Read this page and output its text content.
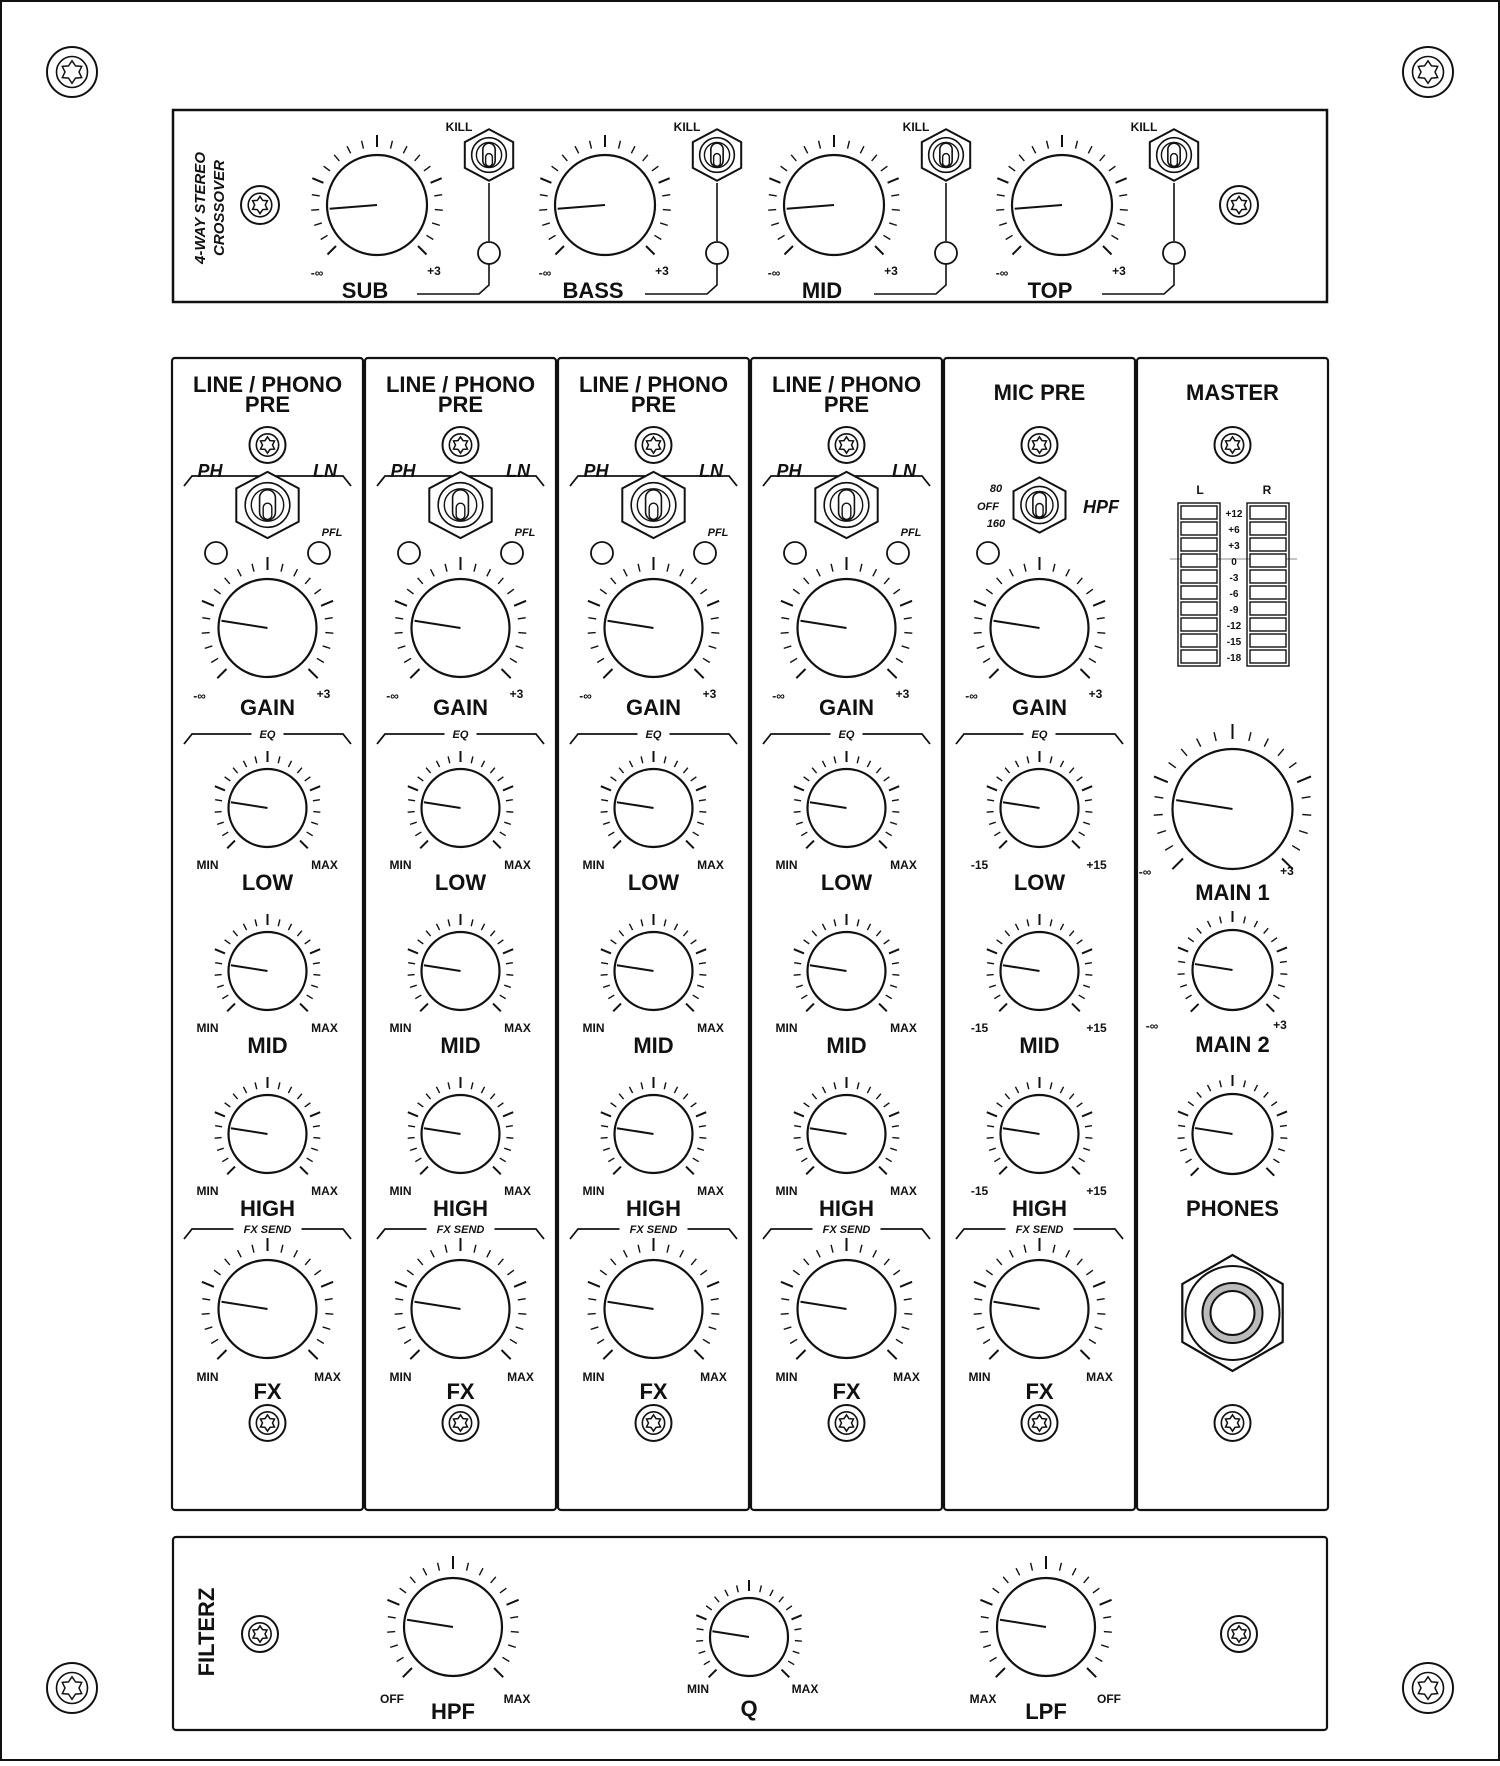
4-WAY STEREO CROSSOVER
-∞	+3
SUB
KILL
-∞	+3
BASS
KILL
-∞	+3
MID
KILL
-∞	+3
TOP
KILL
LINE / PHONO
PRE
PH	LN
PFL
-∞	+3
GAIN
EQ
MIN	MAX
LOW
MIN	MAX
MID
MIN	MAX
HIGH
FX SEND
MIN	MAX
FX
LINE / PHONO
PRE
PH	LN
PFL
-∞	+3
GAIN
EQ
MIN	MAX
LOW
MIN	MAX
MID
MIN	MAX
HIGH
FX SEND
MIN	MAX
FX
LINE / PHONO
PRE
PH	LN
PFL
-∞	+3
GAIN
EQ
MIN	MAX
LOW
MIN	MAX
MID
MIN	MAX
HIGH
FX SEND
MIN	MAX
FX
LINE / PHONO
PRE
PH	LN
PFL
-∞	+3
GAIN
EQ
MIN	MAX
LOW
MIN	MAX
MID
MIN	MAX
HIGH
FX SEND
MIN	MAX
FX
MIC PRE
80
OFF
160
HPF
-∞	+3
GAIN
EQ
-15	+15
LOW
-15	+15
MID
-15	+15
HIGH
FX SEND
MIN	MAX
FX
MASTER
L	R
+12
+6
+3
0
-3
-6
-9
-12
-15
-18
-∞	+3
MAIN 1
-∞	+3
MAIN 2
PHONES
FILTERZ
OFF	MAX
HPF
MIN	MAX
Q	MAX	OFF
LPF
